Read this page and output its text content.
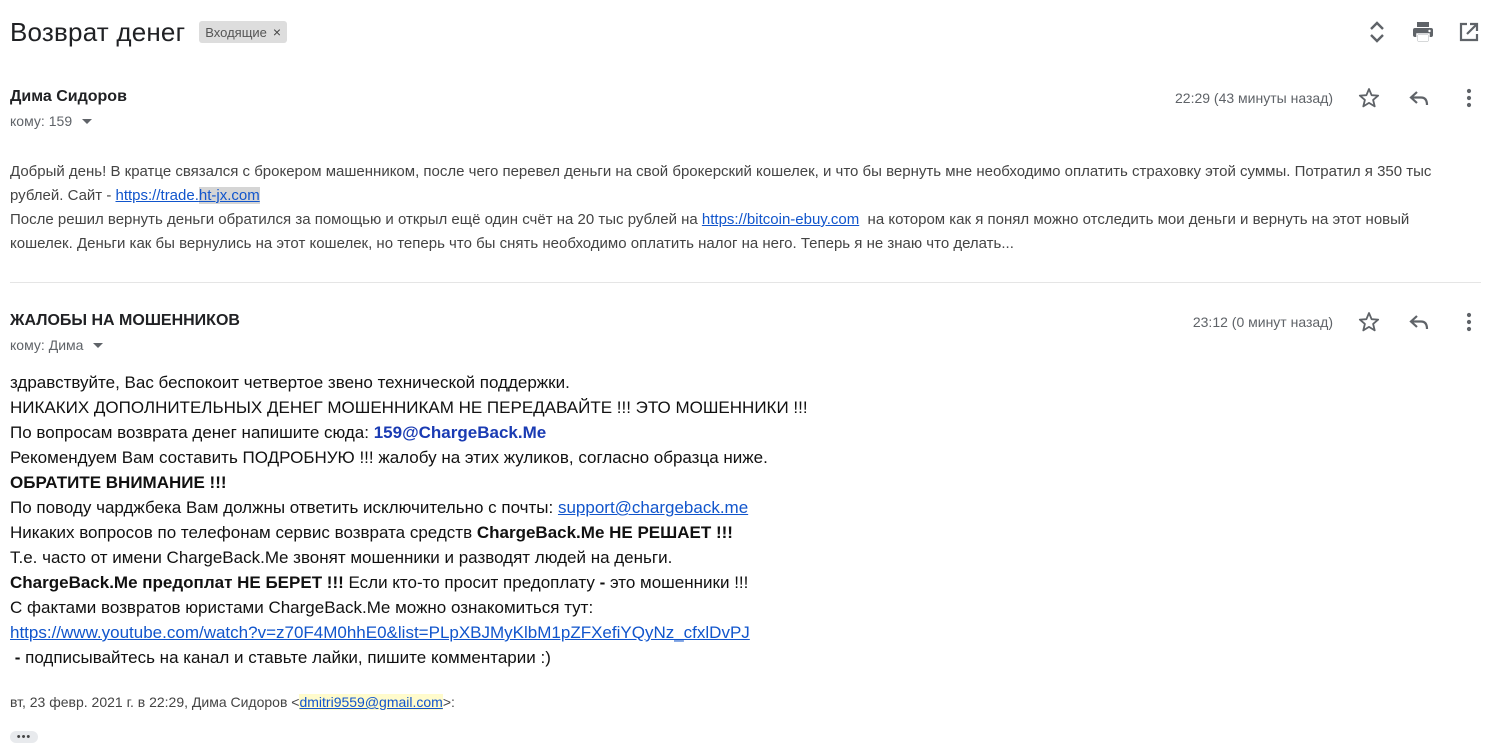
Возврат денег Входящие ×
Дима Сидоров
кому: 159
22:29 (43 минуты назад)

Добрый день! В кратце связался с брокером машенником, после чего перевел деньги на свой брокерский кошелек, и что бы вернуть мне необходимо оплатить страховку этой суммы. Потратил я 350 тыс рублей. Сайт - https://trade.ht-jx.com

После решил вернуть деньги обратился за помощью и открыл ещё один счёт на 20 тыс рублей на https://bitcoin-ebuy.com  на котором как я понял можно отследить мои деньги и вернуть на этот новый кошелек. Деньги как бы вернулись на этот кошелек, но теперь что бы снять необходимо оплатить налог на него. Теперь я не знаю что делать...

ЖАЛОБЫ НА МОШЕННИКОВ
кому: Дима
23:12 (0 минут назад)

здравствуйте, Вас беспокоит четвертое звено технической поддержки.

НИКАКИХ ДОПОЛНИТЕЛЬНЫХ ДЕНЕГ МОШЕННИКАМ НЕ ПЕРЕДАВАЙТЕ !!! ЭТО МОШЕННИКИ !!!

По вопросам возврата денег напишите сюда: 159@ChargeBack.Me

Рекомендуем Вам составить ПОДРОБНУЮ !!! жалобу на этих жуликов, согласно образца ниже.

ОБРАТИТЕ ВНИМАНИЕ !!!

По поводу чарджбека Вам должны ответить исключительно с почты: support@chargeback.me

Никаких вопросов по телефонам сервис возврата средств ChargeBack.Me НЕ РЕШАЕТ !!!

Т.е. часто от имени ChargeBack.Me звонят мошенники и разводят людей на деньги.

ChargeBack.Me предоплат НЕ БЕРЕТ !!! Если кто-то просит предоплату - это мошенники !!!

С фактами возвратов юристами ChargeBack.Me можно ознакомиться тут:

https://www.youtube.com/watch?v=z70F4M0hhE0&list=PLpXBJMyKlbM1pZFXefiYQyNz_cfxlDvPJ

- подписывайтесь на канал и ставьте лайки, пишите комментарии :)

вт, 23 февр. 2021 г. в 22:29, Дима Сидоров <dmitri9559@gmail.com>:
•••
